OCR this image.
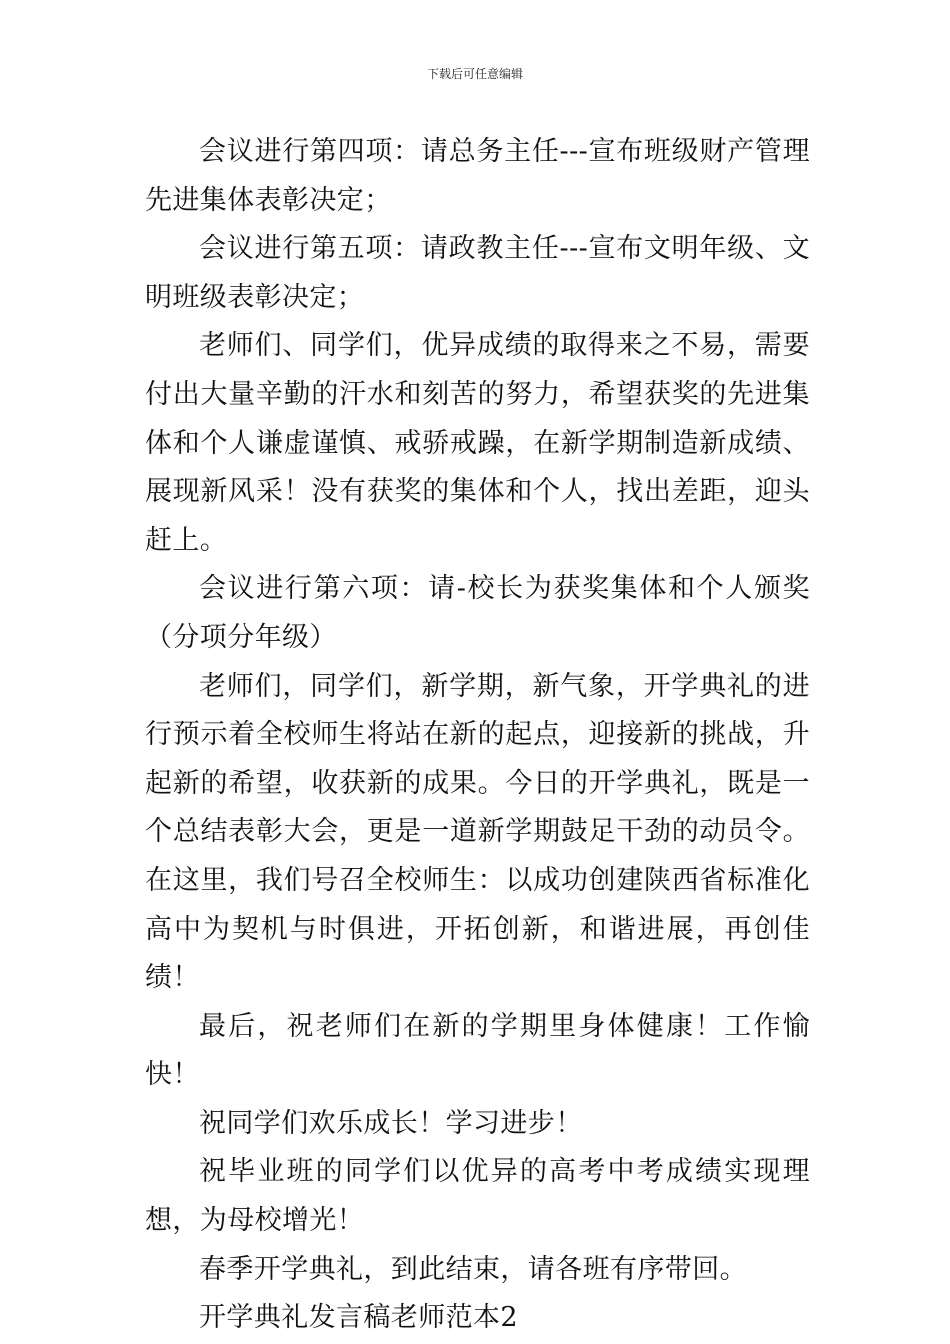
下载后可任意编辑

会议进行第四项：请总务主任---宣布班级财产管理先进集体表彰决定；

会议进行第五项：请政教主任---宣布文明年级、文明班级表彰决定；

老师们、同学们，优异成绩的取得来之不易，需要付出大量辛勤的汗水和刻苦的努力，希望获奖的先进集体和个人谦虚谨慎、戒骄戒躁，在新学期制造新成绩、展现新风采！没有获奖的集体和个人，找出差距，迎头赶上。

会议进行第六项：请-校长为获奖集体和个人颁奖（分项分年级）

老师们，同学们，新学期，新气象，开学典礼的进行预示着全校师生将站在新的起点，迎接新的挑战，升起新的希望，收获新的成果。今日的开学典礼，既是一个总结表彰大会，更是一道新学期鼓足干劲的动员令。在这里，我们号召全校师生：以成功创建陕西省标准化高中为契机与时俱进，开拓创新，和谐进展，再创佳绩！

最后，祝老师们在新的学期里身体健康！工作愉快！

祝同学们欢乐成长！学习进步！

祝毕业班的同学们以优异的高考中考成绩实现理想，为母校增光！

春季开学典礼，到此结束，请各班有序带回。

开学典礼发言稿老师范本2
